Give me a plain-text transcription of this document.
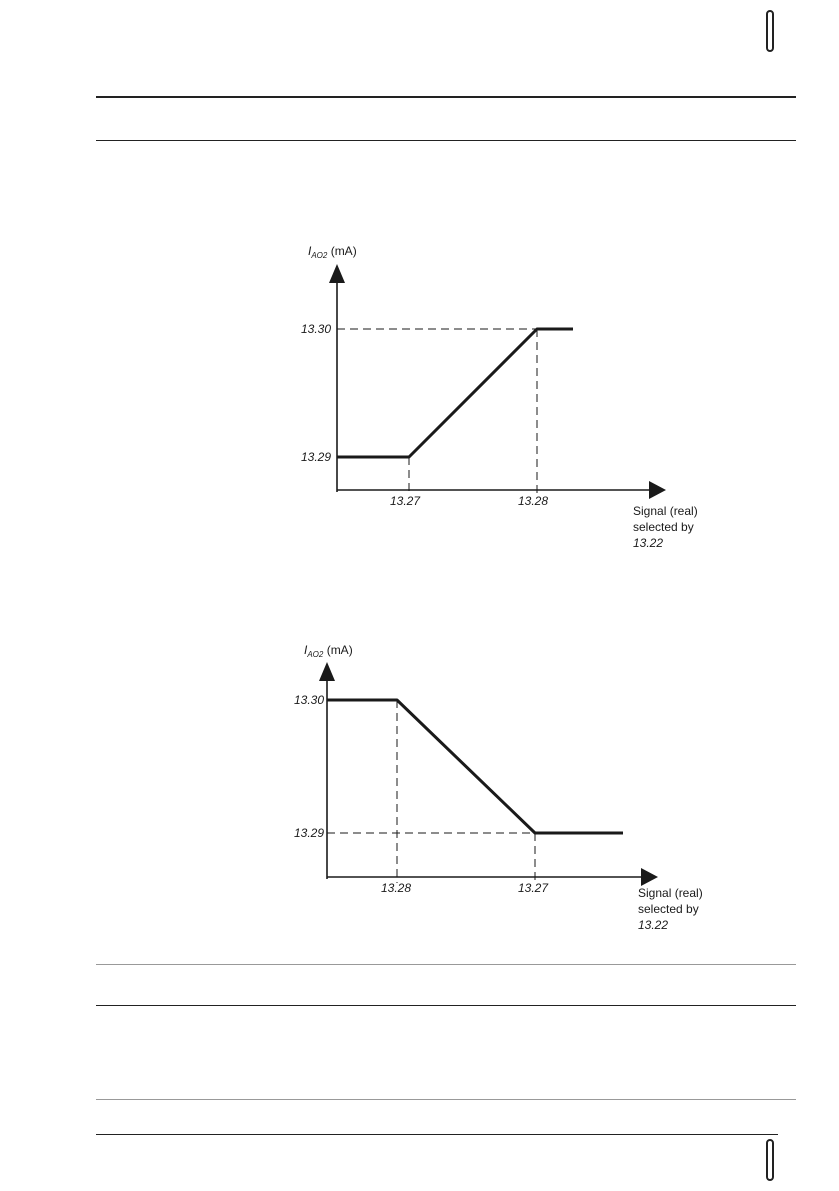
$I_{AO2}$ (mA)
13.30
13.29
13.27	13.28
Signal (real)
selected by
13.22
$I_{AO2}$ (mA)
13.30
13.29
13.28	13.27	Signal (real)
selected by
13.22
